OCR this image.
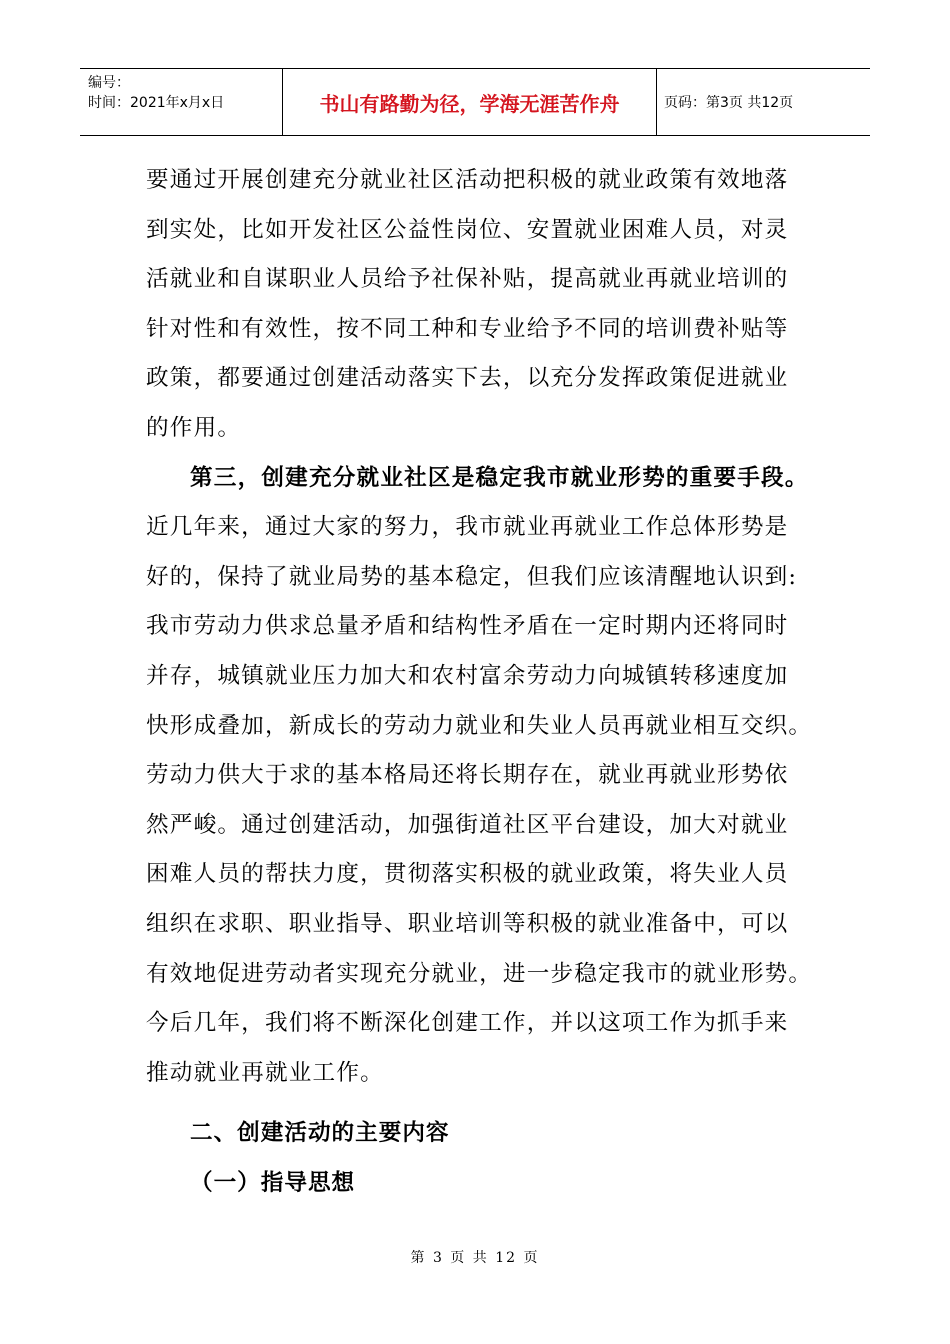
编号：
时间：2021年x月x日	书山有路勤为径，学海无涯苦作舟	页码：第3页 共12页
要通过开展创建充分就业社区活动把积极的就业政策有效地落
到实处，比如开发社区公益性岗位、安置就业困难人员，对灵
活就业和自谋职业人员给予社保补贴，提高就业再就业培训的
针对性和有效性，按不同工种和专业给予不同的培训费补贴等
政策，都要通过创建活动落实下去，以充分发挥政策促进就业
的作用。
第三，创建充分就业社区是稳定我市就业形势的重要手段。
近几年来，通过大家的努力，我市就业再就业工作总体形势是
好的，保持了就业局势的基本稳定，但我们应该清醒地认识到:
我市劳动力供求总量矛盾和结构性矛盾在一定时期内还将同时
并存，城镇就业压力加大和农村富余劳动力向城镇转移速度加
快形成叠加，新成长的劳动力就业和失业人员再就业相互交织。
劳动力供大于求的基本格局还将长期存在，就业再就业形势依
然严峻。通过创建活动，加强街道社区平台建设，加大对就业
困难人员的帮扶力度，贯彻落实积极的就业政策，将失业人员
组织在求职、职业指导、职业培训等积极的就业准备中，可以
有效地促进劳动者实现充分就业，进一步稳定我市的就业形势。
今后几年，我们将不断深化创建工作，并以这项工作为抓手来
推动就业再就业工作。
二、创建活动的主要内容
（一）指导思想
第 3 页 共 12 页
